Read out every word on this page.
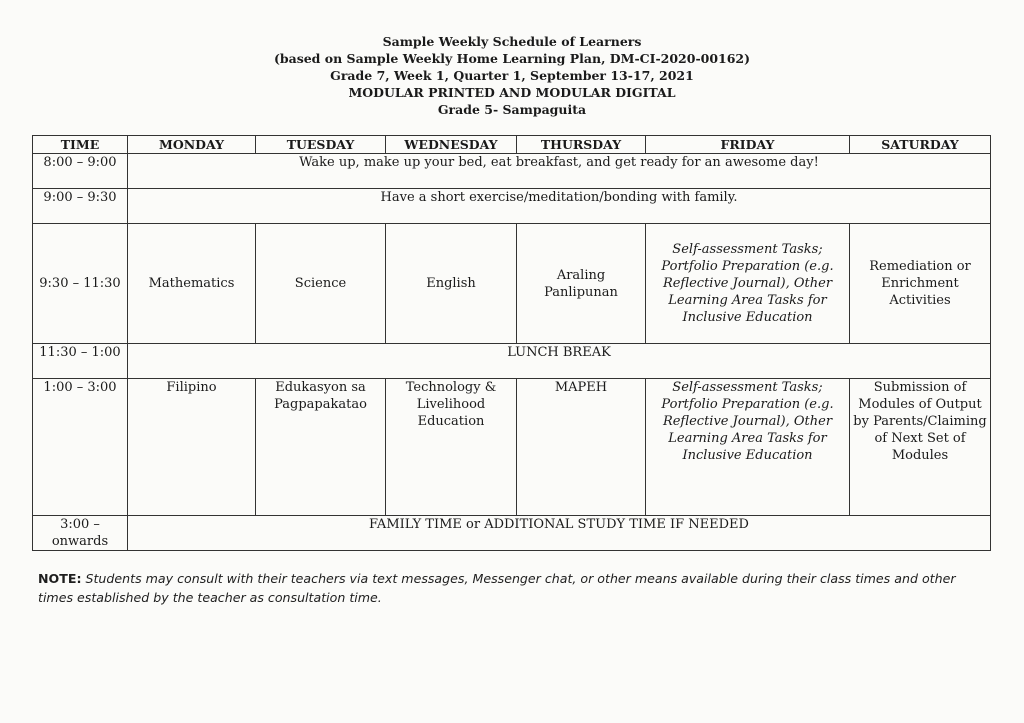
Sample Weekly Schedule of Learners
(based on Sample Weekly Home Learning Plan, DM-CI-2020-00162)
Grade 7, Week 1, Quarter 1, September 13-17, 2021
MODULAR PRINTED AND MODULAR DIGITAL
Grade 5- Sampaguita
TIME	MONDAY	TUESDAY	WEDNESDAY	THURSDAY	FRIDAY	SATURDAY
8:00 – 9:00	Wake up, make up your bed, eat breakfast, and get ready for an awesome day!					
9:00 – 9:30	Have a short exercise/meditation/bonding with family.					
9:30 – 11:30	Mathematics	Science	English	Araling Panlipunan	Self-assessment Tasks; Portfolio Preparation (e.g. Reflective Journal), Other Learning Area Tasks for Inclusive Education	Remediation or Enrichment Activities
11:30 – 1:00	LUNCH BREAK					
1:00 – 3:00	Filipino	Edukasyon sa Pagpapakatao	Technology & Livelihood Education	MAPEH	Self-assessment Tasks; Portfolio Preparation (e.g. Reflective Journal), Other Learning Area Tasks for Inclusive Education	Submission of Modules of Output by Parents/Claiming of Next Set of Modules
3:00 – onwards	FAMILY TIME or ADDITIONAL STUDY TIME IF NEEDED					
NOTE: Students may consult with their teachers via text messages, Messenger chat, or other means available during their class times and other times established by the teacher as consultation time.
